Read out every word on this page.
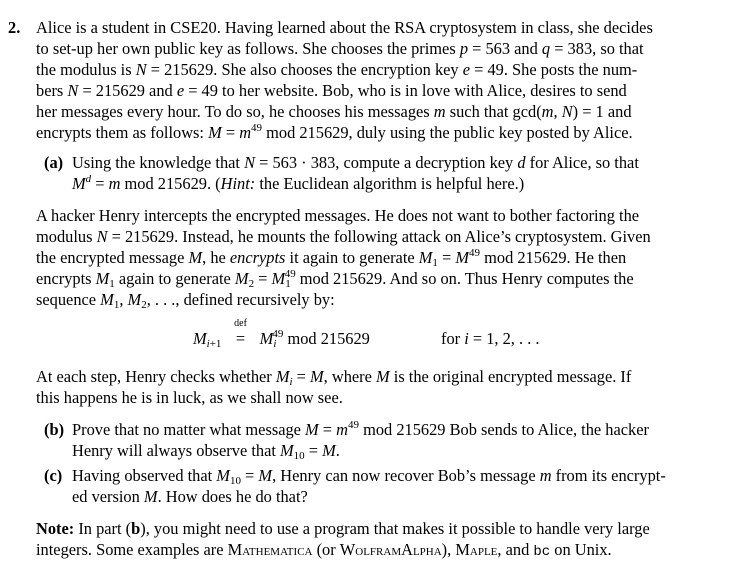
2. Alice is a student in CSE20. Having learned about the RSA cryptosystem in class, she decides
to set-up her own public key as follows. She chooses the primes p = 563 and q = 383, so that
the modulus is N = 215629. She also chooses the encryption key e = 49. She posts the num-
bers N = 215629 and e = 49 to her website. Bob, who is in love with Alice, desires to send
her messages every hour. To do so, he chooses his messages m such that gcd(m, N) = 1 and
encrypts them as follows: $M = m^{49}$ mod 215629, duly using the public key posted by Alice.
(a) Using the knowledge that N = 563 · 383, compute a decryption key d for Alice, so that
$M^d = m$ mod 215629. (Hint: the Euclidean algorithm is helpful here.)
A hacker Henry intercepts the encrypted messages. He does not want to bother factoring the
modulus N = 215629. Instead, he mounts the following attack on Alice’s cryptosystem. Given
the encrypted message M, he encrypts it again to generate $M1 = M^{49}$ mod 215629. He then
encrypts M1 again to generate $M2 = M1^{49}$ mod 215629. And so on. Thus Henry computes the
sequence M1, M2, . . ., defined recursively by:
Mi+1
def
= $Mi^{49}$ mod 215629	for i = 1, 2, . . .
At each step, Henry checks whether Mi = M, where M is the original encrypted message. If
this happens he is in luck, as we shall now see.
(b) Prove that no matter what message $M = m^{49}$ mod 215629 Bob sends to Alice, the hacker
Henry will always observe that M10 = M.
(c) Having observed that M10 = M, Henry can now recover Bob’s message m from its encrypt-
ed version M. How does he do that?
Note: In part (b), you might need to use a program that makes it possible to handle very large
integers. Some examples are Mathematica (or WolframAlpha), Maple, and bc on Unix.
